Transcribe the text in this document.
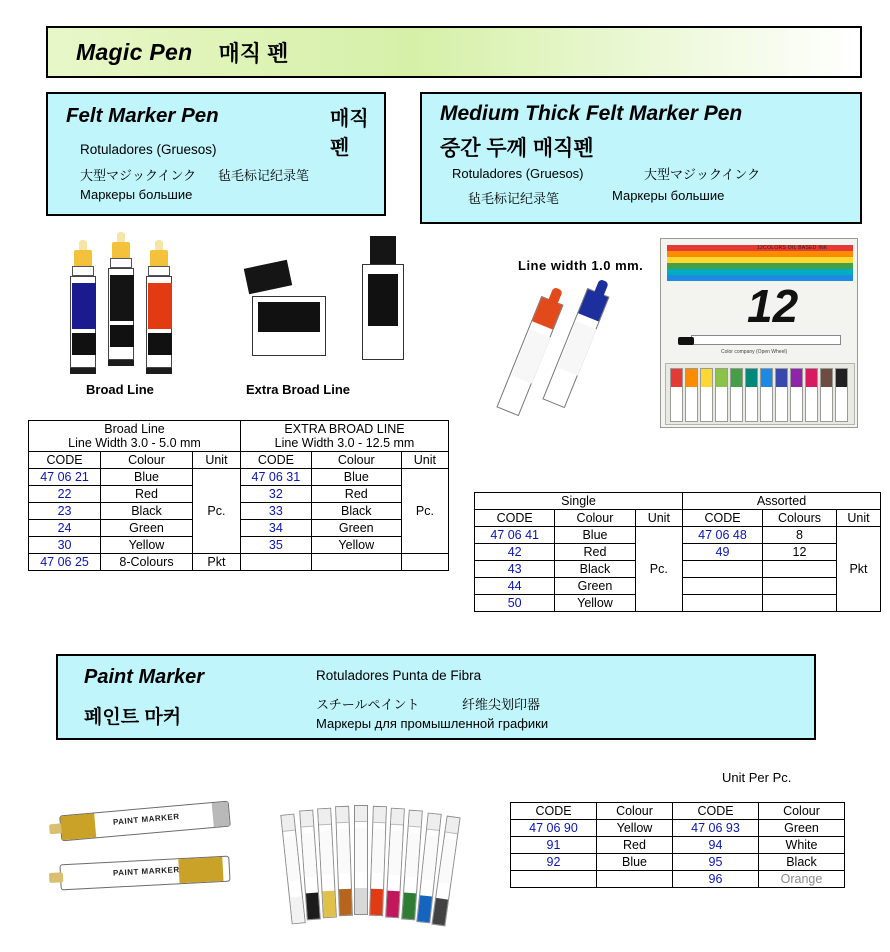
Magic Pen 매직 펜
Felt Marker Pen	매직펜
Rotuladores (Gruesos)
大型マジックインク 毡毛标记纪录笔
Маркеры большие
Medium Thick Felt Marker Pen
중간 두께 매직펜
Rotuladores (Gruesos)	大型マジックインク
毡毛标记纪录笔	Маркеры большие
Broad Line	Extra Broad Line
Line width 1.0 mm.
12COLORS OIL BASED INK
12
Color company (Open Wheel)
Broad Line
Line Width 3.0 - 5.0 mm

EXTRA BROAD LINE
Line Width 3.0 - 12.5 mm

CODE	Colour	Unit	CODE	Colour	Unit
47 06 21	Blue	Pc.	47 06 31	Blue	Pc.
22	Red		32	Red	
23	Black		33	Black	
24	Green		34	Green	
30	Yellow		35	Yellow	
47 06 25	8-Colours	Pkt			
Single			Assorted		
CODE	Colour	Unit	CODE	Colours	Unit
47 06 41	Blue	Pc.	47 06 48	8	Pkt
42	Red		49	12	
43	Black				
44	Green				
50	Yellow				
Paint Marker
페인트 마커
Rotuladores Punta de Fibra
スチールペイント	纤维尖划印器
Маркеры для промышленной графики
PAINT MARKER
PAINT MARKER
Unit Per Pc.
CODE	Colour	CODE	Colour
47 06 90	Yellow	47 06 93	Green
91	Red	94	White
92	Blue	95	Black
		96	Orange
